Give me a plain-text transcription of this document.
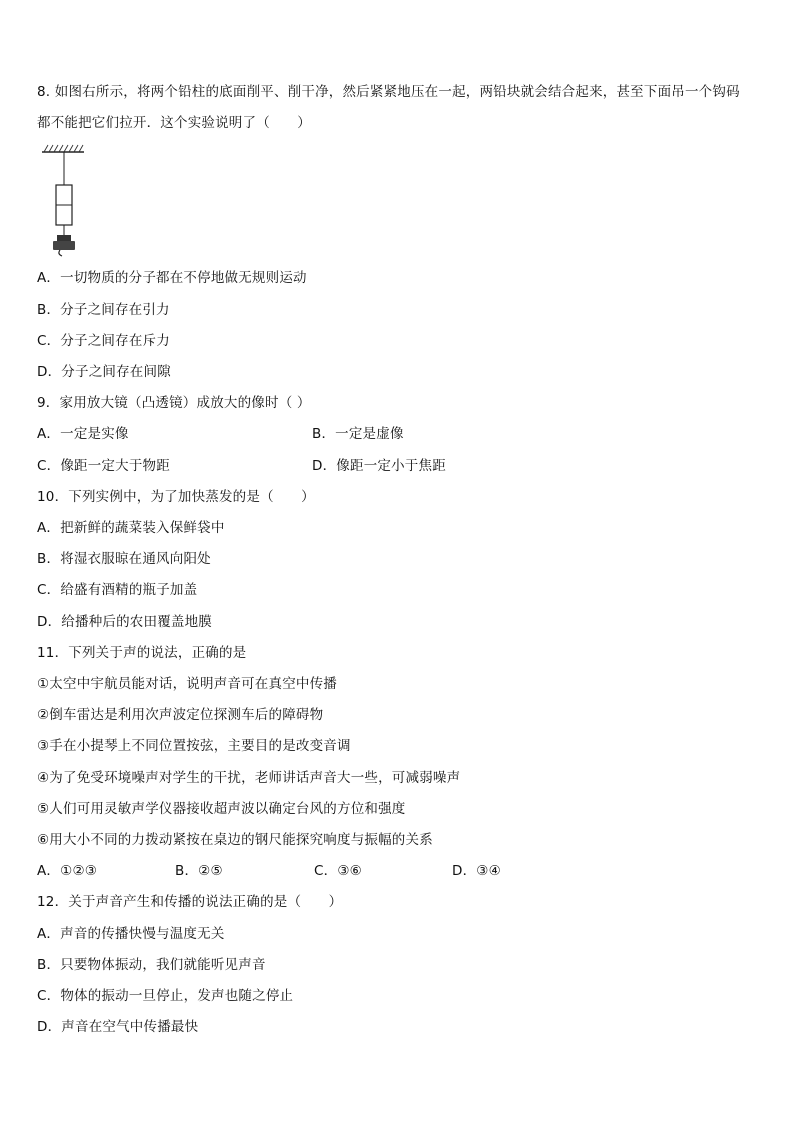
8. 如图右所示，将两个铅柱的底面削平、削干净，然后紧紧地压在一起，两铅块就会结合起来，甚至下面吊一个钩码
都不能把它们拉开．这个实验说明了（　　）
A．一切物质的分子都在不停地做无规则运动
B．分子之间存在引力
C．分子之间存在斥力
D．分子之间存在间隙
9．家用放大镜（凸透镜）成放大的像时（ ）
A．一定是实像	B．一定是虚像
C．像距一定大于物距	D．像距一定小于焦距
10．下列实例中，为了加快蒸发的是（　　）
A．把新鲜的蔬菜装入保鲜袋中
B．将湿衣服晾在通风向阳处
C．给盛有酒精的瓶子加盖
D．给播种后的农田覆盖地膜
11．下列关于声的说法，正确的是
①太空中宇航员能对话，说明声音可在真空中传播
②倒车雷达是利用次声波定位探测车后的障碍物
③手在小提琴上不同位置按弦，主要目的是改变音调
④为了免受环境噪声对学生的干扰，老师讲话声音大一些，可减弱噪声
⑤人们可用灵敏声学仪器接收超声波以确定台风的方位和强度
⑥用大小不同的力拨动紧按在桌边的钢尺能探究响度与振幅的关系
A．①②③	B．②⑤	C．③⑥	D．③④
12．关于声音产生和传播的说法正确的是（　　）
A．声音的传播快慢与温度无关
B．只要物体振动，我们就能听见声音
C．物体的振动一旦停止，发声也随之停止
D．声音在空气中传播最快
